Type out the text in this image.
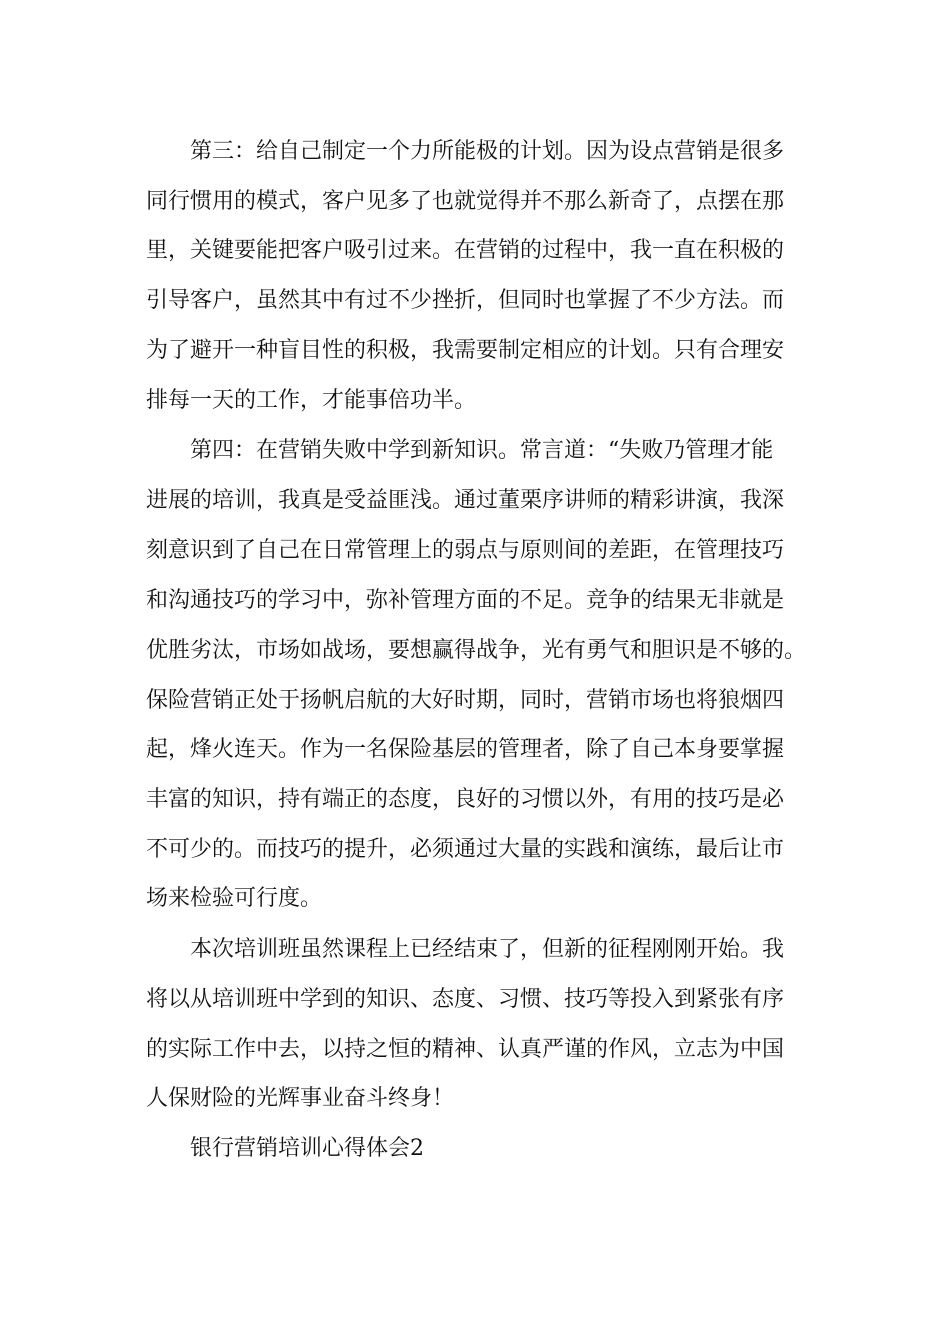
第三：给自己制定一个力所能极的计划。因为设点营销是很多
同行惯用的模式，客户见多了也就觉得并不那么新奇了，点摆在那
里，关键要能把客户吸引过来。在营销的过程中，我一直在积极的
引导客户，虽然其中有过不少挫折，但同时也掌握了不少方法。而
为了避开一种盲目性的积极，我需要制定相应的计划。只有合理安
排每一天的工作，才能事倍功半。
第四：在营销失败中学到新知识。常言道：“失败乃管理才能
进展的培训，我真是受益匪浅。通过董栗序讲师的精彩讲演，我深
刻意识到了自己在日常管理上的弱点与原则间的差距，在管理技巧
和沟通技巧的学习中，弥补管理方面的不足。竞争的结果无非就是
优胜劣汰，市场如战场，要想赢得战争，光有勇气和胆识是不够的。
保险营销正处于扬帆启航的大好时期，同时，营销市场也将狼烟四
起，烽火连天。作为一名保险基层的管理者，除了自己本身要掌握
丰富的知识，持有端正的态度，良好的习惯以外，有用的技巧是必
不可少的。而技巧的提升，必须通过大量的实践和演练，最后让市
场来检验可行度。
本次培训班虽然课程上已经结束了，但新的征程刚刚开始。我
将以从培训班中学到的知识、态度、习惯、技巧等投入到紧张有序
的实际工作中去，以持之恒的精神、认真严谨的作风，立志为中国
人保财险的光辉事业奋斗终身！
银行营销培训心得体会2
